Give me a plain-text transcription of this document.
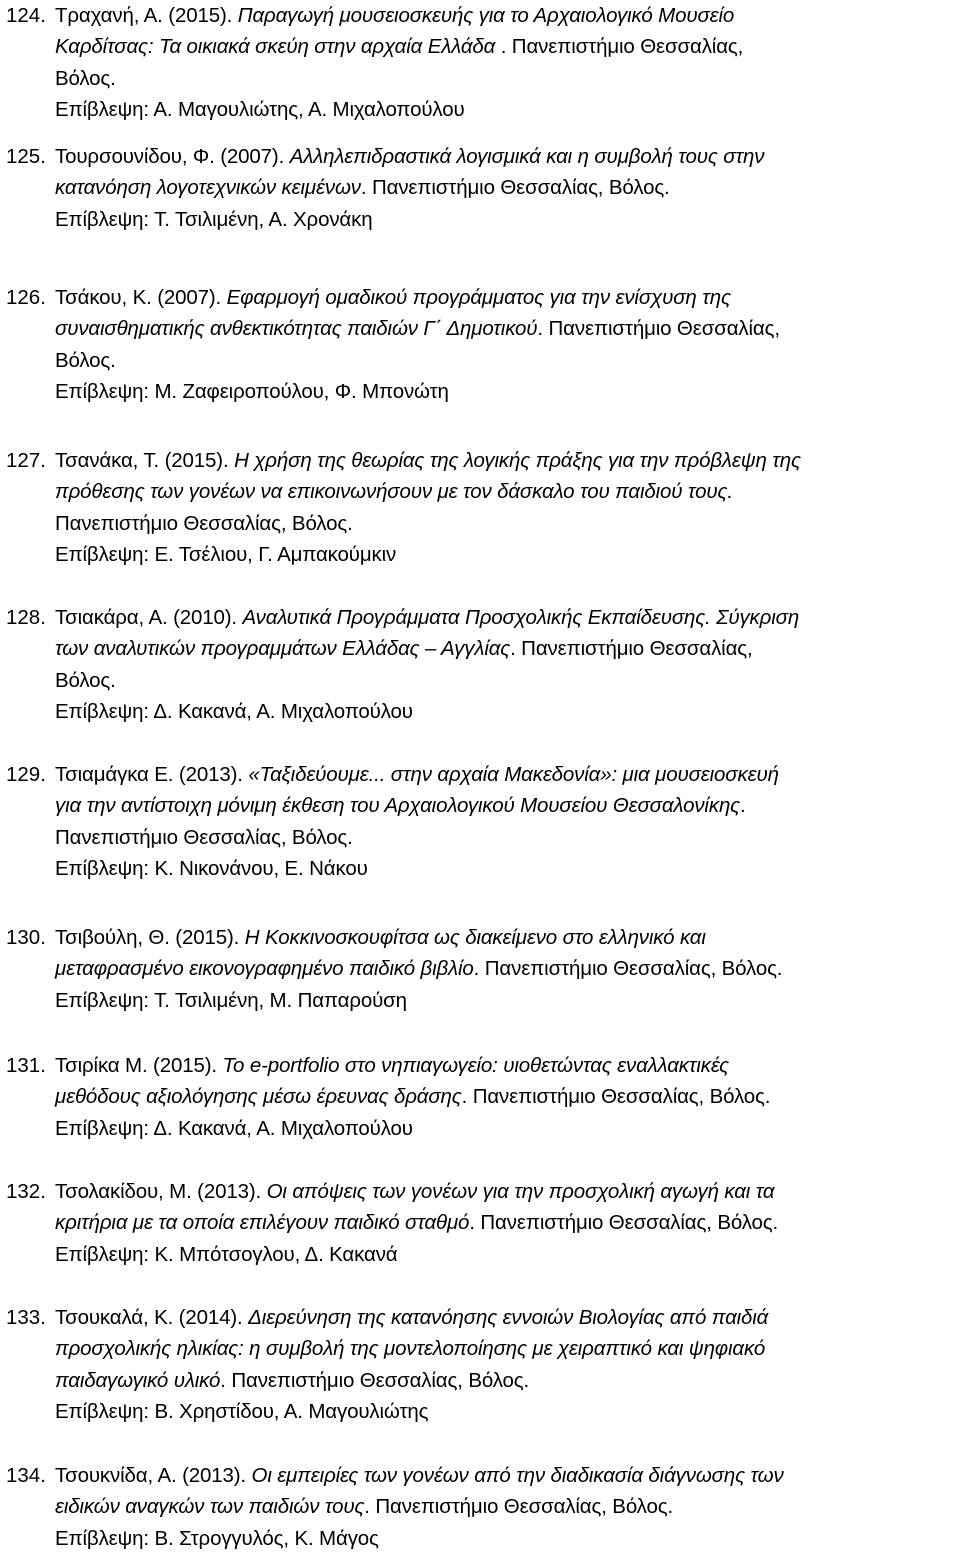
124. Τραχανή, Α. (2015). Παραγωγή μουσειοσκευής για το Αρχαιολογικό Μουσείο
Καρδίτσας: Τα οικιακά σκεύη στην αρχαία Ελλάδα . Πανεπιστήμιο Θεσσαλίας,
Βόλος.
Επίβλεψη: Α. Μαγουλιώτης, Α. Μιχαλοπούλου
125. Τουρσουνίδου, Φ. (2007). Αλληλεπιδραστικά λογισμικά και η συμβολή τους στην
κατανόηση λογοτεχνικών κειμένων. Πανεπιστήμιο Θεσσαλίας, Βόλος.
Επίβλεψη: Τ. Τσιλιμένη, Α. Χρονάκη
126. Τσάκου, Κ. (2007). Εφαρμογή ομαδικού προγράμματος για την ενίσχυση της
συναισθηματικής ανθεκτικότητας παιδιών Γ΄ Δημοτικού. Πανεπιστήμιο Θεσσαλίας,
Βόλος.
Επίβλεψη: Μ. Ζαφειροπούλου, Φ. Μπονώτη
127. Τσανάκα, Τ. (2015). Η χρήση της θεωρίας της λογικής πράξης για την πρόβλεψη της
πρόθεσης των γονέων να επικοινωνήσουν με τον δάσκαλο του παιδιού τους.
Πανεπιστήμιο Θεσσαλίας, Βόλος.
Επίβλεψη: Ε. Τσέλιου, Γ. Αμπακούμκιν
128. Τσιακάρα, Α. (2010). Αναλυτικά Προγράμματα Προσχολικής Εκπαίδευσης. Σύγκριση
των αναλυτικών προγραμμάτων Ελλάδας – Αγγλίας. Πανεπιστήμιο Θεσσαλίας,
Βόλος.
Επίβλεψη: Δ. Κακανά, Α. Μιχαλοπούλου
129. Τσιαμάγκα Ε. (2013). «Ταξιδεύουμε... στην αρχαία Μακεδονία»: μια μουσειοσκευή
για την αντίστοιχη μόνιμη έκθεση του Αρχαιολογικού Μουσείου Θεσσαλονίκης.
Πανεπιστήμιο Θεσσαλίας, Βόλος.
Επίβλεψη: Κ. Νικονάνου, Ε. Νάκου
130. Τσιβούλη, Θ. (2015). Η Κοκκινοσκουφίτσα ως διακείμενο στο ελληνικό και
μεταφρασμένο εικονογραφημένο παιδικό βιβλίο. Πανεπιστήμιο Θεσσαλίας, Βόλος.
Επίβλεψη: Τ. Τσιλιμένη, Μ. Παπαρούση
131. Τσιρίκα Μ. (2015). Το e-portfolio στο νηπιαγωγείο: υιοθετώντας εναλλακτικές
μεθόδους αξιολόγησης μέσω έρευνας δράσης. Πανεπιστήμιο Θεσσαλίας, Βόλος.
Επίβλεψη: Δ. Κακανά, Α. Μιχαλοπούλου
132. Τσολακίδου, Μ. (2013). Οι απόψεις των γονέων για την προσχολική αγωγή και τα
κριτήρια με τα οποία επιλέγουν παιδικό σταθμό. Πανεπιστήμιο Θεσσαλίας, Βόλος.
Επίβλεψη: Κ. Μπότσογλου, Δ. Κακανά
133. Τσουκαλά, Κ. (2014). Διερεύνηση της κατανόησης εννοιών Βιολογίας από παιδιά
προσχολικής ηλικίας: η συμβολή της μοντελοποίησης με χειραπτικό και ψηφιακό
παιδαγωγικό υλικό. Πανεπιστήμιο Θεσσαλίας, Βόλος.
Επίβλεψη: Β. Χρηστίδου, Α. Μαγουλιώτης
134. Τσουκνίδα, Α. (2013). Οι εμπειρίες των γονέων από την διαδικασία διάγνωσης των
ειδικών αναγκών των παιδιών τους. Πανεπιστήμιο Θεσσαλίας, Βόλος.
Επίβλεψη: Β. Στρογγυλός, Κ. Μάγος
